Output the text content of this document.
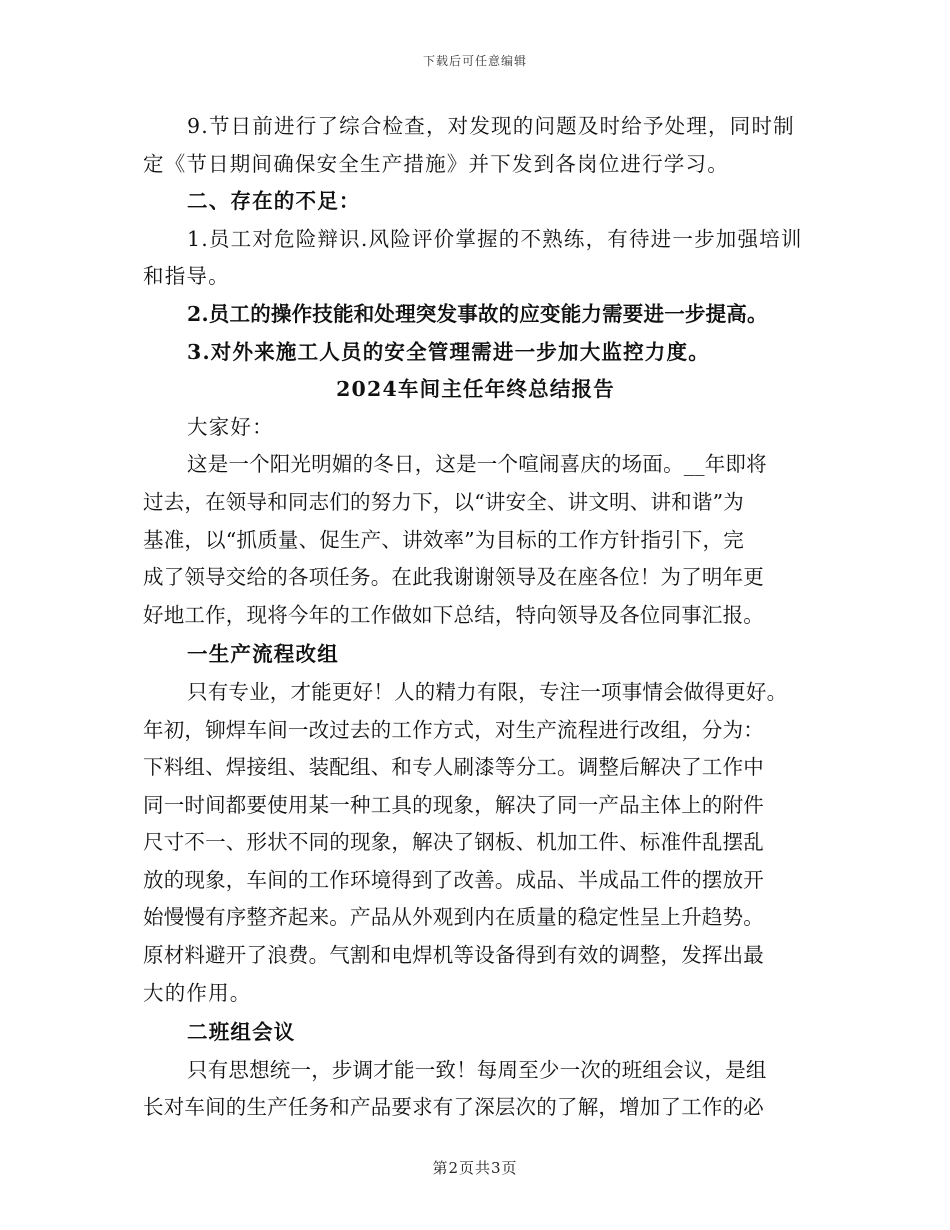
下载后可任意编辑
9.节日前进行了综合检查，对发现的问题及时给予处理，同时制
定《节日期间确保安全生产措施》并下发到各岗位进行学习。
二、存在的不足：
1.员工对危险辩识.风险评价掌握的不熟练，有待进一步加强培训
和指导。
2.员工的操作技能和处理突发事故的应变能力需要进一步提高。
3.对外来施工人员的安全管理需进一步加大监控力度。
2024车间主任年终总结报告
大家好：
这是一个阳光明媚的冬日，这是一个喧闹喜庆的场面。__年即将
过去，在领导和同志们的努力下，以“讲安全、讲文明、讲和谐”为
基准，以“抓质量、促生产、讲效率”为目标的工作方针指引下，完
成了领导交给的各项任务。在此我谢谢领导及在座各位！为了明年更
好地工作，现将今年的工作做如下总结，特向领导及各位同事汇报。
一生产流程改组
只有专业，才能更好！人的精力有限，专注一项事情会做得更好。
年初，铆焊车间一改过去的工作方式，对生产流程进行改组，分为：
下料组、焊接组、装配组、和专人刷漆等分工。调整后解决了工作中
同一时间都要使用某一种工具的现象，解决了同一产品主体上的附件
尺寸不一、形状不同的现象，解决了钢板、机加工件、标准件乱摆乱
放的现象，车间的工作环境得到了改善。成品、半成品工件的摆放开
始慢慢有序整齐起来。产品从外观到内在质量的稳定性呈上升趋势。
原材料避开了浪费。气割和电焊机等设备得到有效的调整，发挥出最
大的作用。
二班组会议
只有思想统一，步调才能一致！每周至少一次的班组会议，是组
长对车间的生产任务和产品要求有了深层次的了解，增加了工作的必
第2页共3页
